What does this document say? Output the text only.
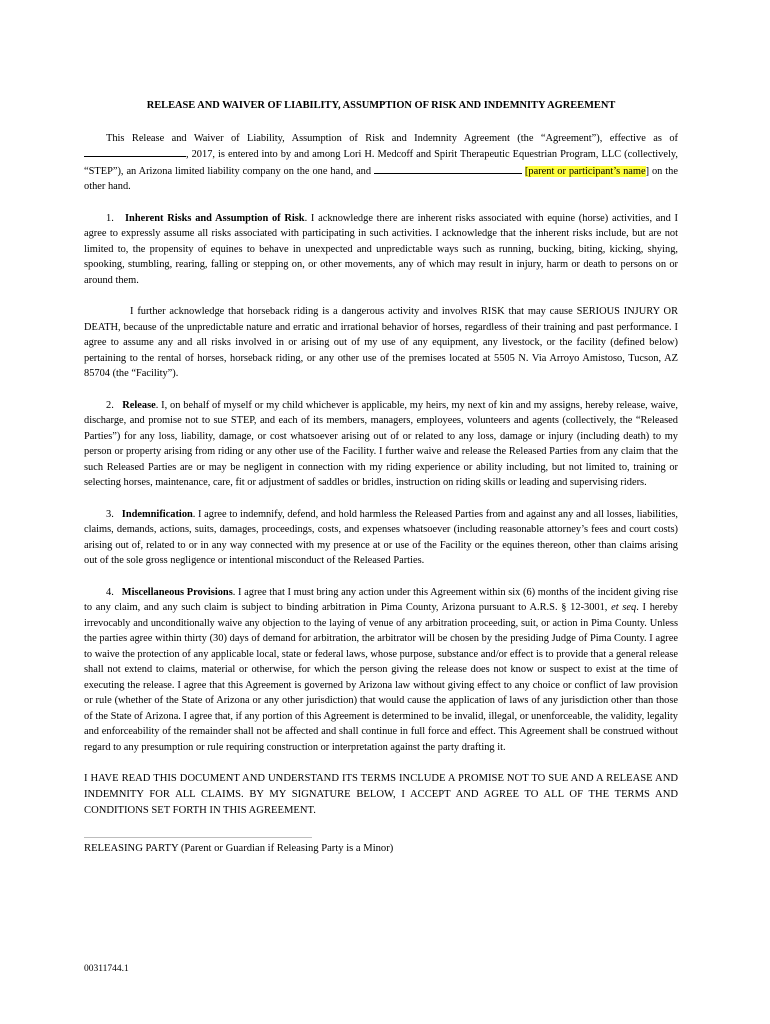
RELEASE AND WAIVER OF LIABILITY, ASSUMPTION OF RISK AND INDEMNITY AGREEMENT

This Release and Waiver of Liability, Assumption of Risk and Indemnity Agreement (the “Agreement”), effective as of , 2017, is entered into by and among Lori H. Medcoff and Spirit Therapeutic Equestrian Program, LLC (collectively, “STEP”), an Arizona limited liability company on the one hand, and	[parent or participant’s name] on the other hand.

1. Inherent Risks and Assumption of Risk. I acknowledge there are inherent risks associated with equine (horse) activities, and I agree to expressly assume all risks associated with participating in such activities. I acknowledge that the inherent risks include, but are not limited to, the propensity of equines to behave in unexpected and unpredictable ways such as running, bucking, biting, kicking, shying, spooking, stumbling, rearing, falling or stepping on, or other movements, any of which may result in injury, harm or death to persons on or around them.

I further acknowledge that horseback riding is a dangerous activity and involves RISK that may cause SERIOUS INJURY OR DEATH, because of the unpredictable nature and erratic and irrational behavior of horses, regardless of their training and past performance. I agree to assume any and all risks involved in or arising out of my use of any equipment, any livestock, or the facility (defined below) pertaining to the rental of horses, horseback riding, or any other use of the premises located at 5505 N. Via Arroyo Amistoso, Tucson, AZ 85704 (the “Facility”).

2. Release. I, on behalf of myself or my child whichever is applicable, my heirs, my next of kin and my assigns, hereby release, waive, discharge, and promise not to sue STEP, and each of its members, managers, employees, volunteers and agents (collectively, the “Released Parties”) for any loss, liability, damage, or cost whatsoever arising out of or related to any loss, damage or injury (including death) to my person or property arising from riding or any other use of the Facility. I further waive and release the Released Parties from any claim that the such Released Parties are or may be negligent in connection with my riding experience or ability including, but not limited to, training or selecting horses, maintenance, care, fit or adjustment of saddles or bridles, instruction on riding skills or leading and supervising riders.

3. Indemnification. I agree to indemnify, defend, and hold harmless the Released Parties from and against any and all losses, liabilities, claims, demands, actions, suits, damages, proceedings, costs, and expenses whatsoever (including reasonable attorney’s fees and court costs) arising out of, related to or in any way connected with my presence at or use of the Facility or the equines thereon, other than claims arising out of the sole gross negligence or intentional misconduct of the Released Parties.

4. Miscellaneous Provisions. I agree that I must bring any action under this Agreement within six (6) months of the incident giving rise to any claim, and any such claim is subject to binding arbitration in Pima County, Arizona pursuant to A.R.S. § 12-3001, et seq. I hereby irrevocably and unconditionally waive any objection to the laying of venue of any arbitration proceeding, suit, or action in Pima County. Unless the parties agree within thirty (30) days of demand for arbitration, the arbitrator will be chosen by the presiding Judge of Pima County. I agree to waive the protection of any applicable local, state or federal laws, whose purpose, substance and/or effect is to provide that a general release shall not extend to claims, material or otherwise, for which the person giving the release does not know or suspect to exist at the time of executing the release. I agree that this Agreement is governed by Arizona law without giving effect to any choice or conflict of law provision or rule (whether of the State of Arizona or any other jurisdiction) that would cause the application of laws of any jurisdiction other than those of the State of Arizona. I agree that, if any portion of this Agreement is determined to be invalid, illegal, or unenforceable, the validity, legality and enforceability of the remainder shall not be affected and shall continue in full force and effect. This Agreement shall be construed without regard to any presumption or rule requiring construction or interpretation against the party drafting it.

I HAVE READ THIS DOCUMENT AND UNDERSTAND ITS TERMS INCLUDE A PROMISE NOT TO SUE AND A RELEASE AND INDEMNITY FOR ALL CLAIMS. BY MY SIGNATURE BELOW, I ACCEPT AND AGREE TO ALL OF THE TERMS AND CONDITIONS SET FORTH IN THIS AGREEMENT.
RELEASING PARTY (Parent or Guardian if Releasing Party is a Minor)
00311744.1
